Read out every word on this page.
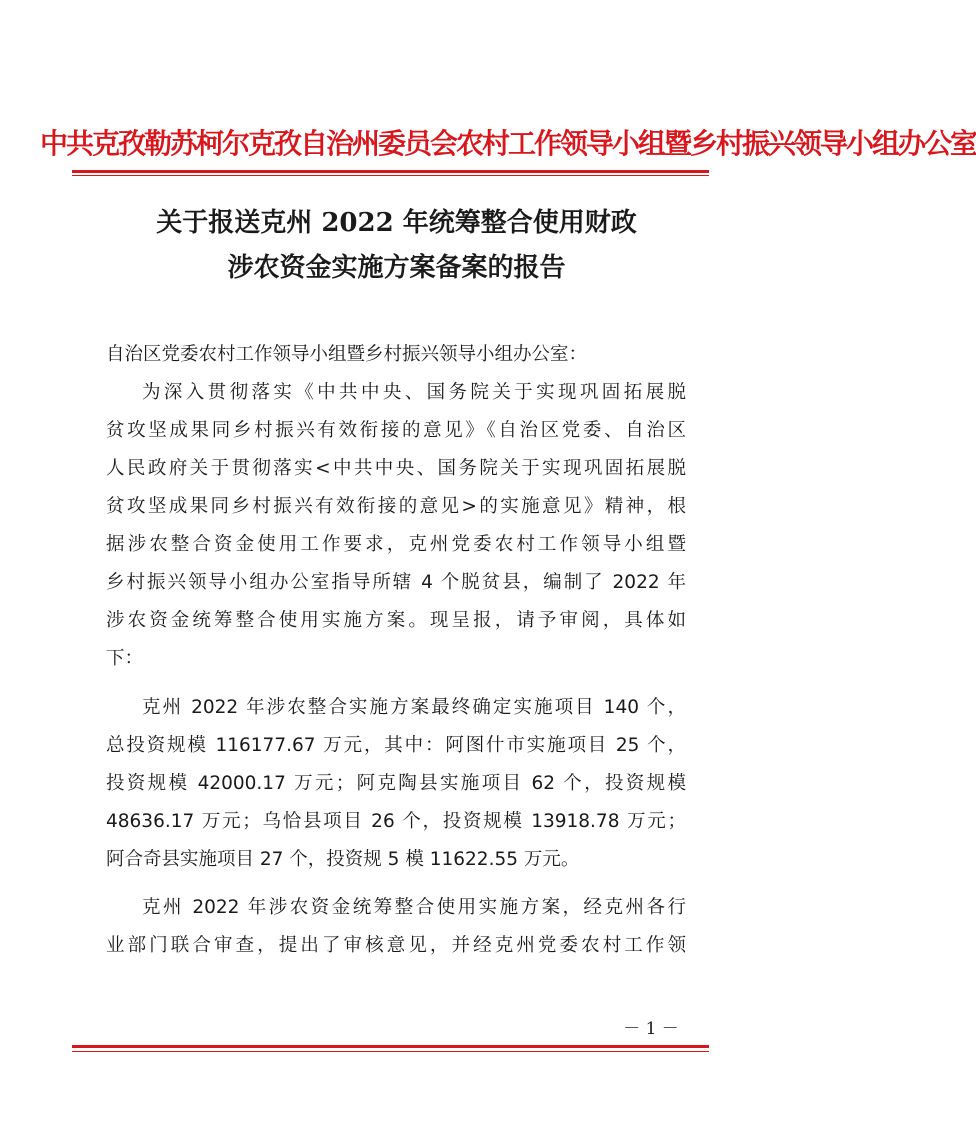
中共克孜勒苏柯尔克孜自治州委员会农村工作领导小组暨乡村振兴领导小组办公室
关于报送克州 2022 年统筹整合使用财政
涉农资金实施方案备案的报告
自治区党委农村工作领导小组暨乡村振兴领导小组办公室：
为深入贯彻落实《中共中央、国务院关于实现巩固拓展脱
贫攻坚成果同乡村振兴有效衔接的意见》《自治区党委、自治区
人民政府关于贯彻落实<中共中央、国务院关于实现巩固拓展脱
贫攻坚成果同乡村振兴有效衔接的意见>的实施意见》精神，根
据涉农整合资金使用工作要求，克州党委农村工作领导小组暨
乡村振兴领导小组办公室指导所辖 4 个脱贫县，编制了 2022 年
涉农资金统筹整合使用实施方案。现呈报，请予审阅，具体如
下：
克州 2022 年涉农整合实施方案最终确定实施项目 140 个，
总投资规模 116177.67 万元，其中：阿图什市实施项目 25 个，
投资规模 42000.17 万元；阿克陶县实施项目 62 个，投资规模
48636.17 万元；乌恰县项目 26 个，投资规模 13918.78 万元；
阿合奇县实施项目 27 个，投资规 5 模 11622.55 万元。
克州 2022 年涉农资金统筹整合使用实施方案，经克州各行
业部门联合审查，提出了审核意见，并经克州党委农村工作领
－ 1 －
